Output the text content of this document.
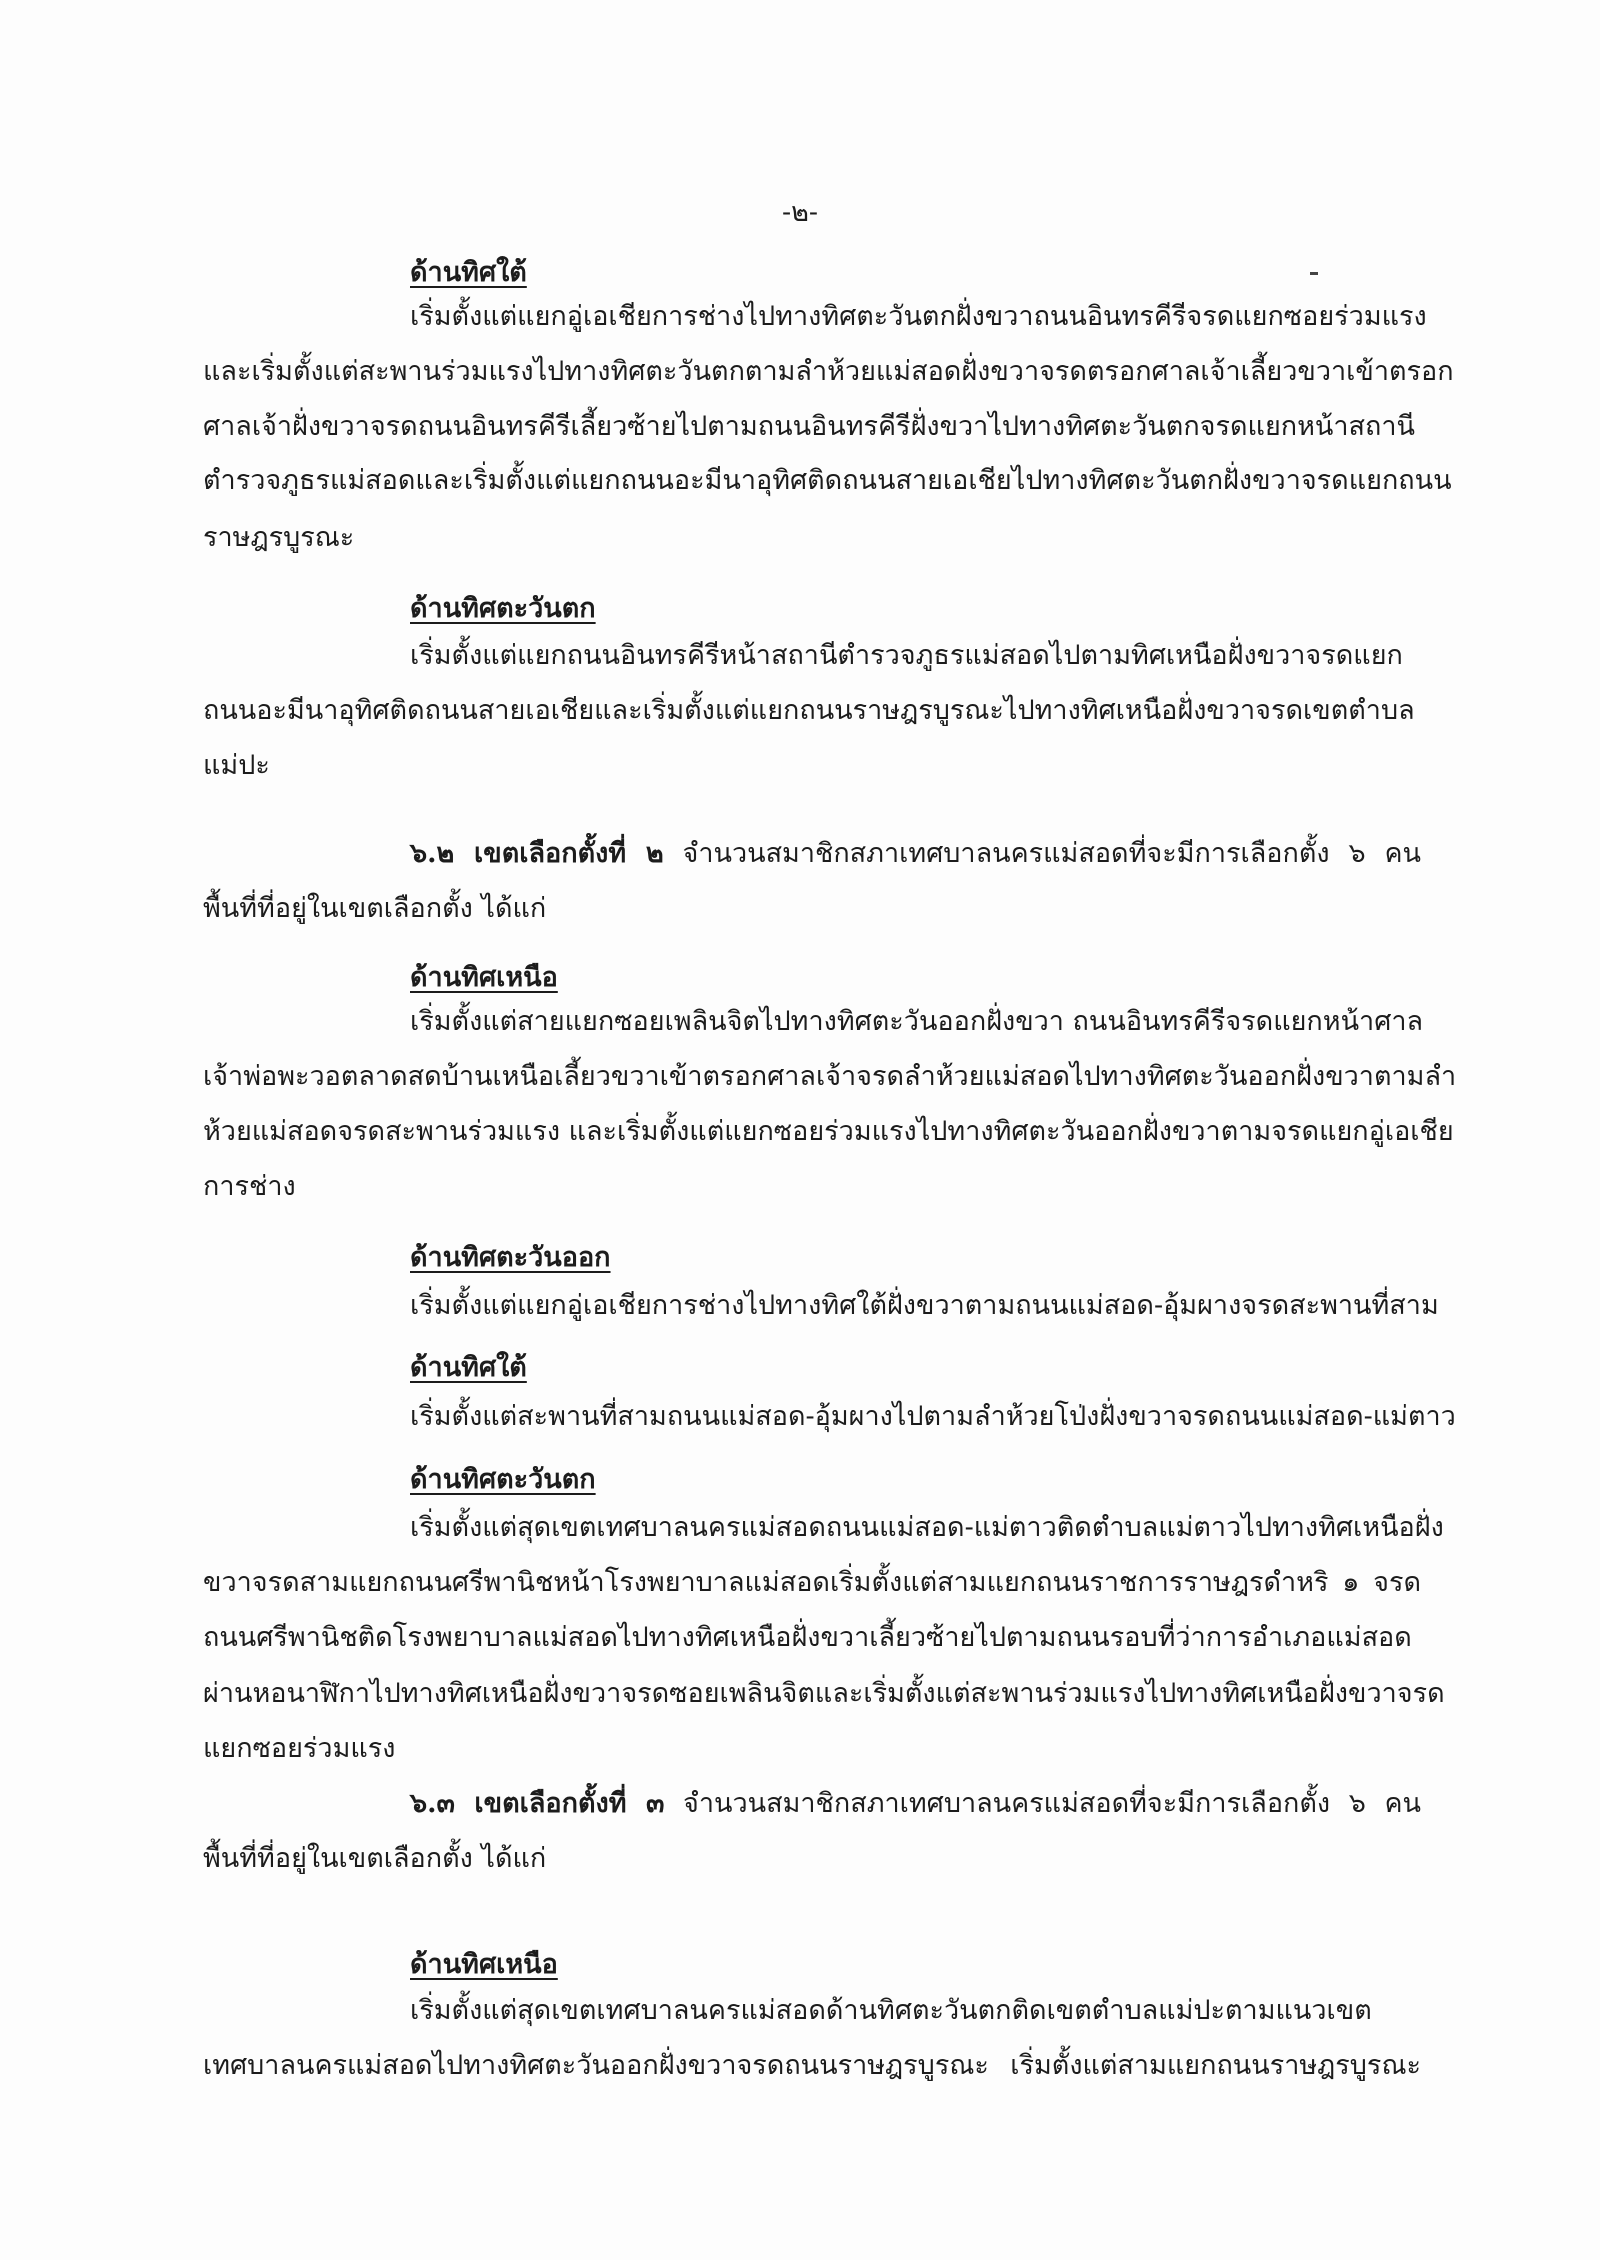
-๒-
ด้านทิศใต้
เริ่มตั้งแต่แยกอู่เอเชียการช่างไปทางทิศตะวันตกฝั่งขวาถนนอินทรคีรีจรดแยกซอยร่วมแรง
และเริ่มตั้งแต่สะพานร่วมแรงไปทางทิศตะวันตกตามลำห้วยแม่สอดฝั่งขวาจรดตรอกศาลเจ้าเลี้ยวขวาเข้าตรอก
ศาลเจ้าฝั่งขวาจรดถนนอินทรคีรีเลี้ยวซ้ายไปตามถนนอินทรคีรีฝั่งขวาไปทางทิศตะวันตกจรดแยกหน้าสถานี
ตำรวจภูธรแม่สอดและเริ่มตั้งแต่แยกถนนอะมีนาอุทิศติดถนนสายเอเชียไปทางทิศตะวันตกฝั่งขวาจรดแยกถนน
ราษฎรบูรณะ
ด้านทิศตะวันตก
เริ่มตั้งแต่แยกถนนอินทรคีรีหน้าสถานีตำรวจภูธรแม่สอดไปตามทิศเหนือฝั่งขวาจรดแยก
ถนนอะมีนาอุทิศติดถนนสายเอเชียและเริ่มตั้งแต่แยกถนนราษฎรบูรณะไปทางทิศเหนือฝั่งขวาจรดเขตตำบล
แม่ปะ
๖.๒ เขตเลือกตั้งที่ ๒ จำนวนสมาชิกสภาเทศบาลนครแม่สอดที่จะมีการเลือกตั้ง ๖ คน
พื้นที่ที่อยู่ในเขตเลือกตั้ง ได้แก่
ด้านทิศเหนือ
เริ่มตั้งแต่สายแยกซอยเพลินจิตไปทางทิศตะวันออกฝั่งขวา ถนนอินทรคีรีจรดแยกหน้าศาล
เจ้าพ่อพะวอตลาดสดบ้านเหนือเลี้ยวขวาเข้าตรอกศาลเจ้าจรดลำห้วยแม่สอดไปทางทิศตะวันออกฝั่งขวาตามลำ
ห้วยแม่สอดจรดสะพานร่วมแรง และเริ่มตั้งแต่แยกซอยร่วมแรงไปทางทิศตะวันออกฝั่งขวาตามจรดแยกอู่เอเชีย
การช่าง
ด้านทิศตะวันออก
เริ่มตั้งแต่แยกอู่เอเชียการช่างไปทางทิศใต้ฝั่งขวาตามถนนแม่สอด-อุ้มผางจรดสะพานที่สาม
ด้านทิศใต้
เริ่มตั้งแต่สะพานที่สามถนนแม่สอด-อุ้มผางไปตามลำห้วยโป่งฝั่งขวาจรดถนนแม่สอด-แม่ตาว
ด้านทิศตะวันตก
เริ่มตั้งแต่สุดเขตเทศบาลนครแม่สอดถนนแม่สอด-แม่ตาวติดตำบลแม่ตาวไปทางทิศเหนือฝั่ง
ขวาจรดสามแยกถนนศรีพานิชหน้าโรงพยาบาลแม่สอดเริ่มตั้งแต่สามแยกถนนราชการราษฎรดำหริ ๑ จรด
ถนนศรีพานิชติดโรงพยาบาลแม่สอดไปทางทิศเหนือฝั่งขวาเลี้ยวซ้ายไปตามถนนรอบที่ว่าการอำเภอแม่สอด
ผ่านหอนาฬิกาไปทางทิศเหนือฝั่งขวาจรดซอยเพลินจิตและเริ่มตั้งแต่สะพานร่วมแรงไปทางทิศเหนือฝั่งขวาจรด
แยกซอยร่วมแรง
๖.๓ เขตเลือกตั้งที่ ๓ จำนวนสมาชิกสภาเทศบาลนครแม่สอดที่จะมีการเลือกตั้ง ๖ คน
พื้นที่ที่อยู่ในเขตเลือกตั้ง ได้แก่
ด้านทิศเหนือ
เริ่มตั้งแต่สุดเขตเทศบาลนครแม่สอดด้านทิศตะวันตกติดเขตตำบลแม่ปะตามแนวเขต
เทศบาลนครแม่สอดไปทางทิศตะวันออกฝั่งขวาจรดถนนราษฎรบูรณะ เริ่มตั้งแต่สามแยกถนนราษฎรบูรณะ
